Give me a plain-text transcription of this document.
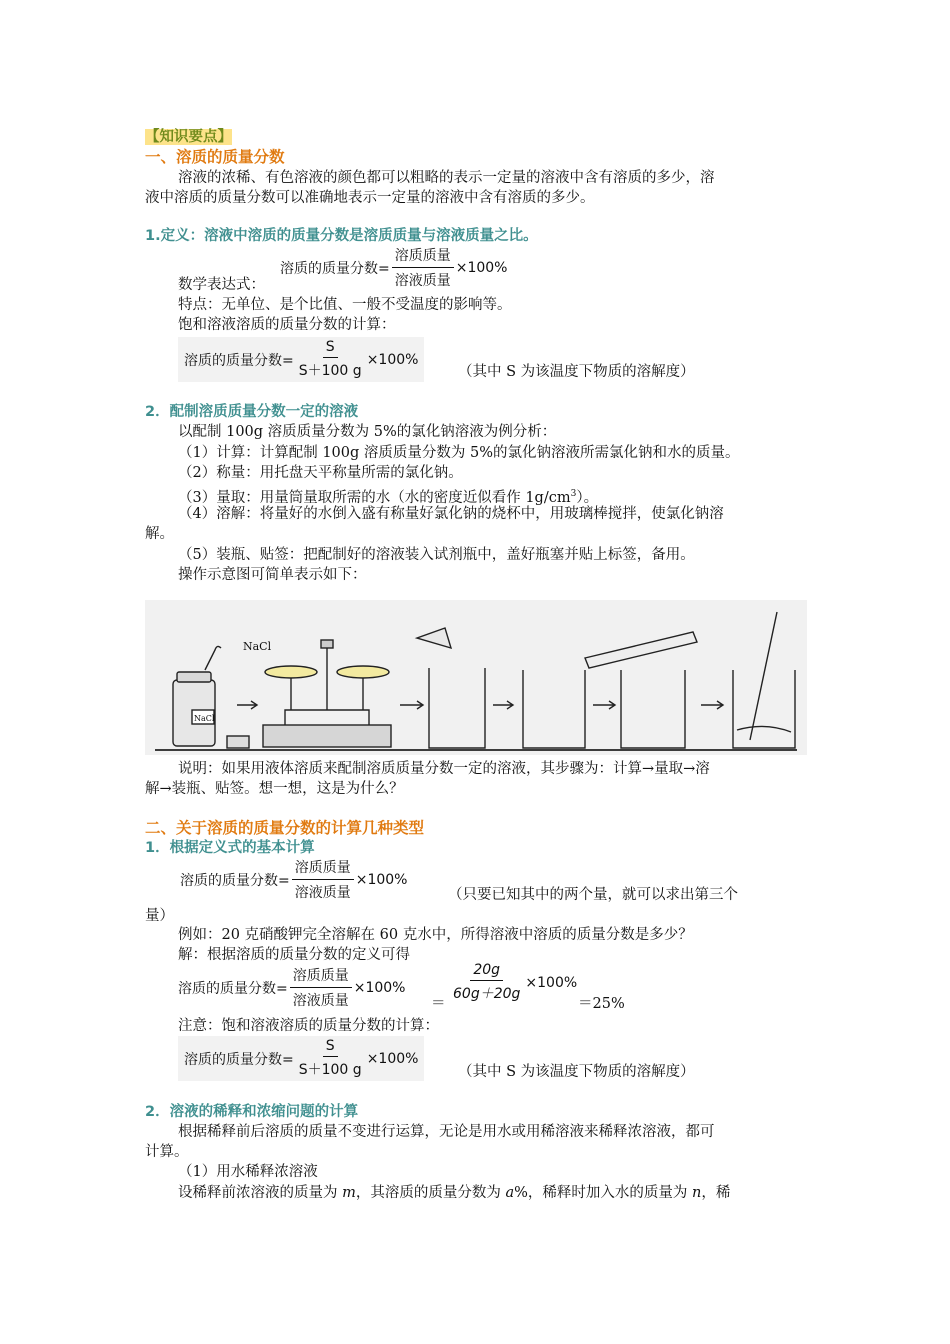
【知识要点】
一、溶质的质量分数
溶液的浓稀、有色溶液的颜色都可以粗略的表示一定量的溶液中含有溶质的多少，溶
液中溶质的质量分数可以准确地表示一定量的溶液中含有溶质的多少。
1.定义：溶液中溶质的质量分数是溶质质量与溶液质量之比。
溶质的质量分数= $\frac{\text{溶质质量}}{\text{溶液质量}} \times 100\%$
数学表达式：
特点：无单位、是个比值、一般不受温度的影响等。
饱和溶液溶质的质量分数的计算：
溶质的质量分数= $\frac{S}{S+100 g} \times 100\%$
（其中 S 为该温度下物质的溶解度）
2．配制溶质质量分数一定的溶液
以配制 100g 溶质质量分数为 5%的氯化钠溶液为例分析：
（1）计算：计算配制 100g 溶质质量分数为 5%的氯化钠溶液所需氯化钠和水的质量。
（2）称量：用托盘天平称量所需的氯化钠。
（3）量取：用量筒量取所需的水（水的密度近似看作 $1g/cm^3$）。
（4）溶解：将量好的水倒入盛有称量好氯化钠的烧杯中，用玻璃棒搅拌，使氯化钠溶
解。
（5）装瓶、贴签：把配制好的溶液装入试剂瓶中，盖好瓶塞并贴上标签，备用。
操作示意图可简单表示如下：
NaCl
NaCl
说明：如果用液体溶质来配制溶质质量分数一定的溶液，其步骤为：计算→量取→溶
解→装瓶、贴签。想一想，这是为什么？
二、关于溶质的质量分数的计算几种类型
1．根据定义式的基本计算
溶质的质量分数= $\frac{\text{溶质质量}}{\text{溶液质量}} \times 100\%$
（只要已知其中的两个量，就可以求出第三个
量）
例如：20 克硝酸钾完全溶解在 60 克水中，所得溶液中溶质的质量分数是多少？
解：根据溶质的质量分数的定义可得
溶质的质量分数= $\frac{\text{溶质质量}}{\text{溶液质量}} \times 100\%$
＝
$\frac{20g}{60g+20g} \times 100\%$
＝25%
注意：饱和溶液溶质的质量分数的计算：
溶质的质量分数= $\frac{S}{S+100 g} \times 100\%$
（其中 S 为该温度下物质的溶解度）
2．溶液的稀释和浓缩问题的计算
根据稀释前后溶质的质量不变进行运算，无论是用水或用稀溶液来稀释浓溶液，都可
计算。
（1）用水稀释浓溶液
设稀释前浓溶液的质量为 m，其溶质的质量分数为 a%，稀释时加入水的质量为 n，稀
